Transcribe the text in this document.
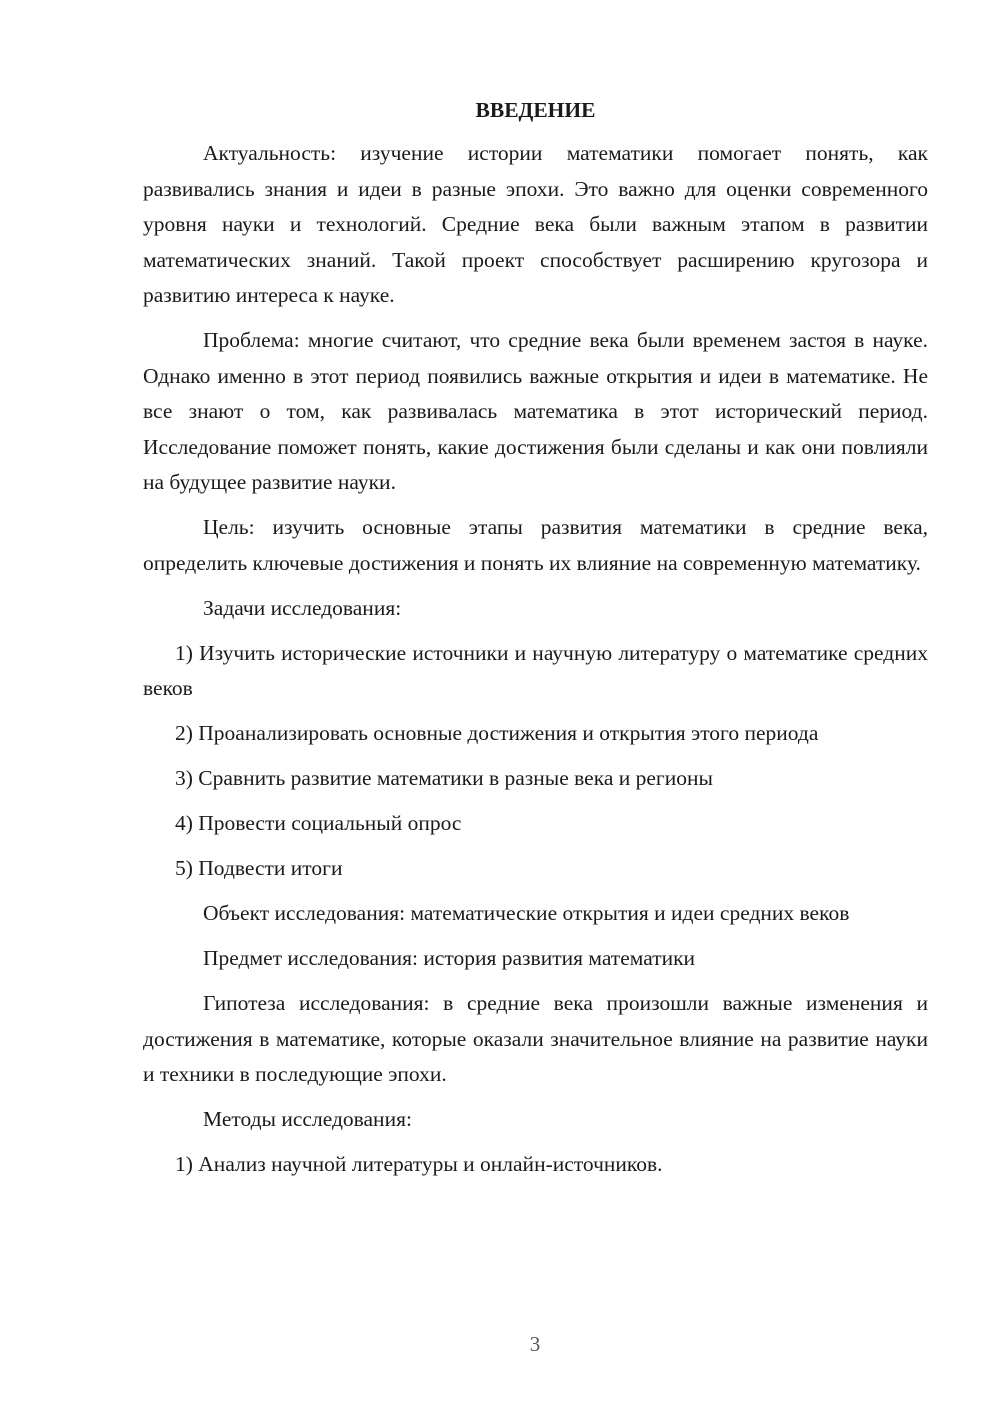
ВВЕДЕНИЕ

Актуальность: изучение истории математики помогает понять, как развивались знания и идеи в разные эпохи. Это важно для оценки современного уровня науки и технологий. Средние века были важным этапом в развитии математических знаний. Такой проект способствует расширению кругозора и развитию интереса к науке.

Проблема: многие считают, что средние века были временем застоя в науке. Однако именно в этот период появились важные открытия и идеи в математике. Не все знают о том, как развивалась математика в этот исторический период. Исследование поможет понять, какие достижения были сделаны и как они повлияли на будущее развитие науки.

Цель: изучить основные этапы развития математики в средние века, определить ключевые достижения и понять их влияние на современную математику.

Задачи исследования:

1) Изучить исторические источники и научную литературу о математике средних веков

2) Проанализировать основные достижения и открытия этого периода

3) Сравнить развитие математики в разные века и регионы

4) Провести социальный опрос

5) Подвести итоги

Объект исследования: математические открытия и идеи средних веков

Предмет исследования: история развития математики

Гипотеза исследования: в средние века произошли важные изменения и достижения в математике, которые оказали значительное влияние на развитие науки и техники в последующие эпохи.

Методы исследования:

1) Анализ научной литературы и онлайн-источников.

3
